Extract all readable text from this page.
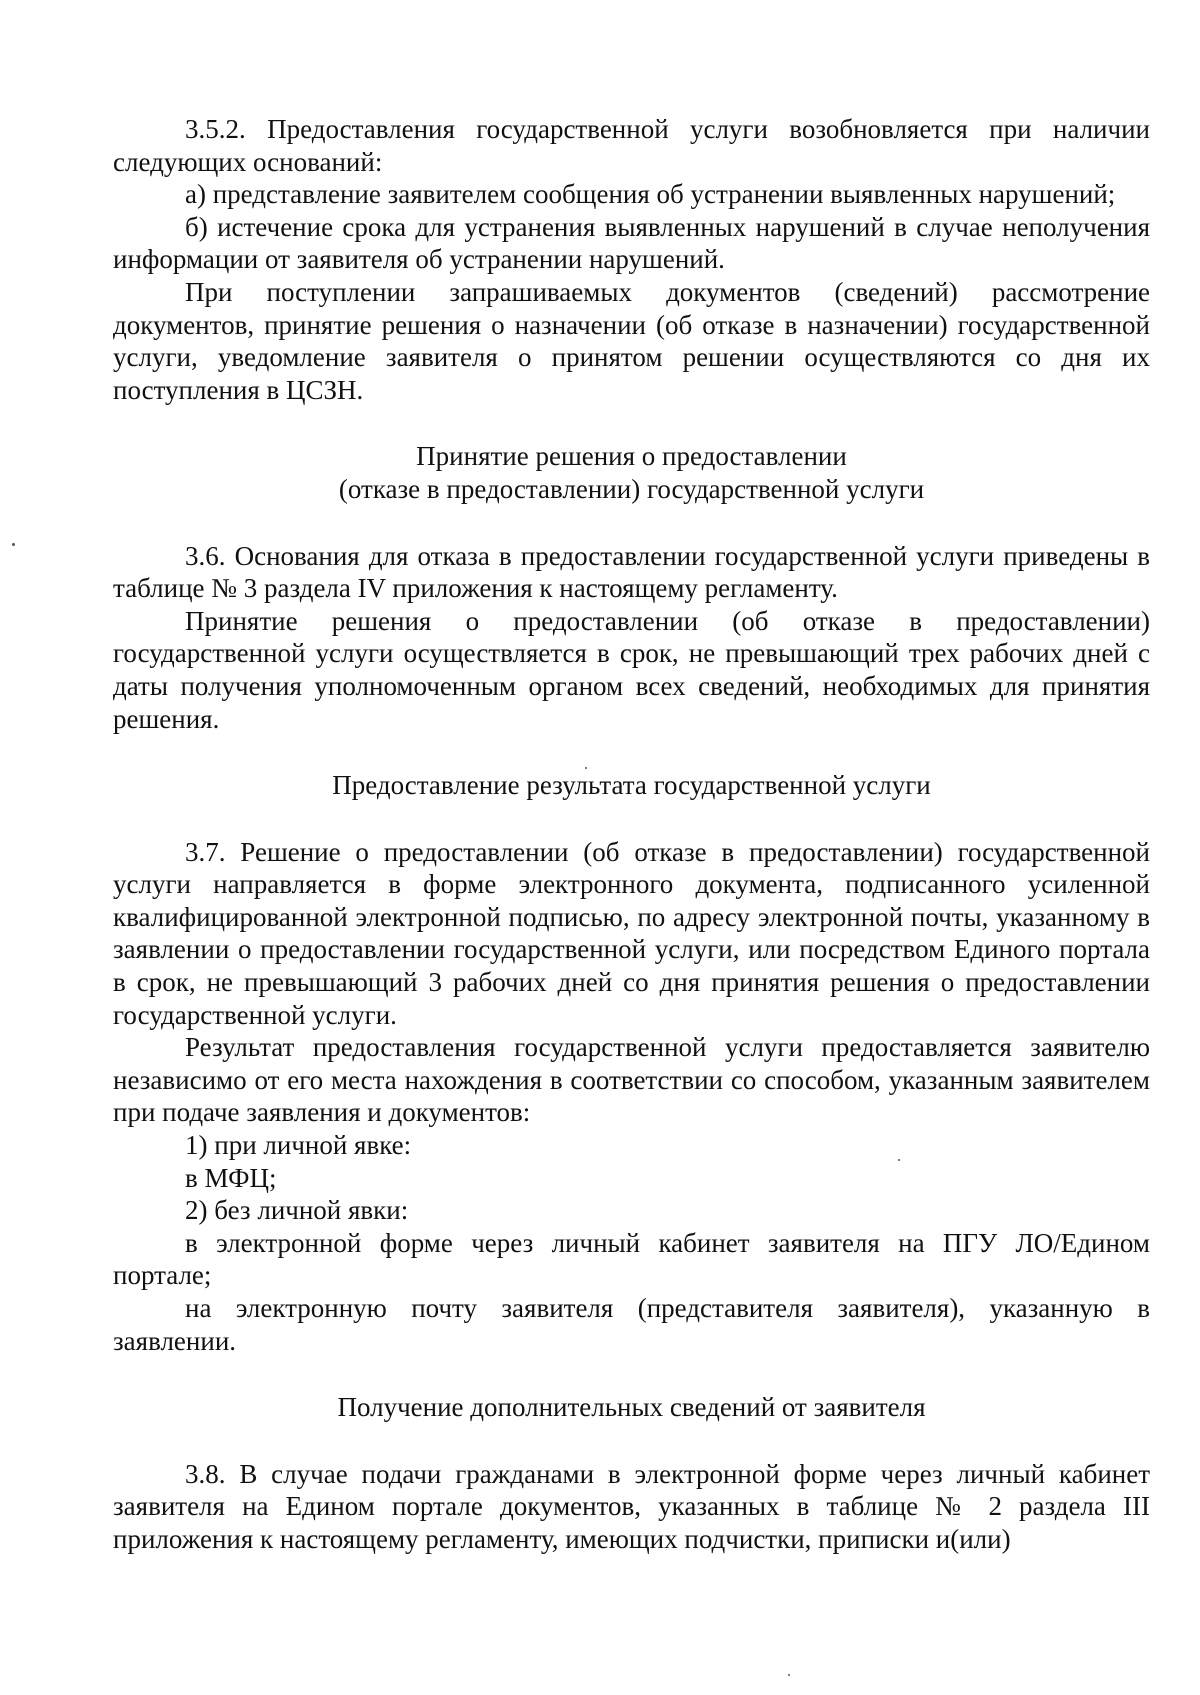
3.5.2. Предоставления государственной услуги возобновляется при наличии следующих оснований:

а) представление заявителем сообщения об устранении выявленных нарушений;

б) истечение срока для устранения выявленных нарушений в случае неполучения информации от заявителя об устранении нарушений.

При поступлении запрашиваемых документов (сведений) рассмотрение документов, принятие решения о назначении (об отказе в назначении) государственной услуги, уведомление заявителя о принятом решении осуществляются со дня их поступления в ЦСЗН.

Принятие решения о предоставлении
(отказе в предоставлении) государственной услуги

3.6. Основания для отказа в предоставлении государственной услуги приведены в таблице № 3 раздела IV приложения к настоящему регламенту.

Принятие решения о предоставлении (об отказе в предоставлении) государственной услуги осуществляется в срок, не превышающий трех рабочих дней с даты получения уполномоченным органом всех сведений, необходимых для принятия решения.

Предоставление результата государственной услуги

3.7. Решение о предоставлении (об отказе в предоставлении) государственной услуги направляется в форме электронного документа, подписанного усиленной квалифицированной электронной подписью, по адресу электронной почты, указанному в заявлении о предоставлении государственной услуги, или посредством Единого портала в срок, не превышающий 3 рабочих дней со дня принятия решения о предоставлении государственной услуги.

Результат предоставления государственной услуги предоставляется заявителю независимо от его места нахождения в соответствии со способом, указанным заявителем при подаче заявления и документов:

1) при личной явке:

в МФЦ;

2) без личной явки:

в электронной форме через личный кабинет заявителя на ПГУ ЛО/Едином портале;

на электронную почту заявителя (представителя заявителя), указанную в заявлении.

Получение дополнительных сведений от заявителя

3.8. В случае подачи гражданами в электронной форме через личный кабинет заявителя на Едином портале документов, указанных в таблице № 2 раздела III приложения к настоящему регламенту, имеющих подчистки, приписки и(или)
